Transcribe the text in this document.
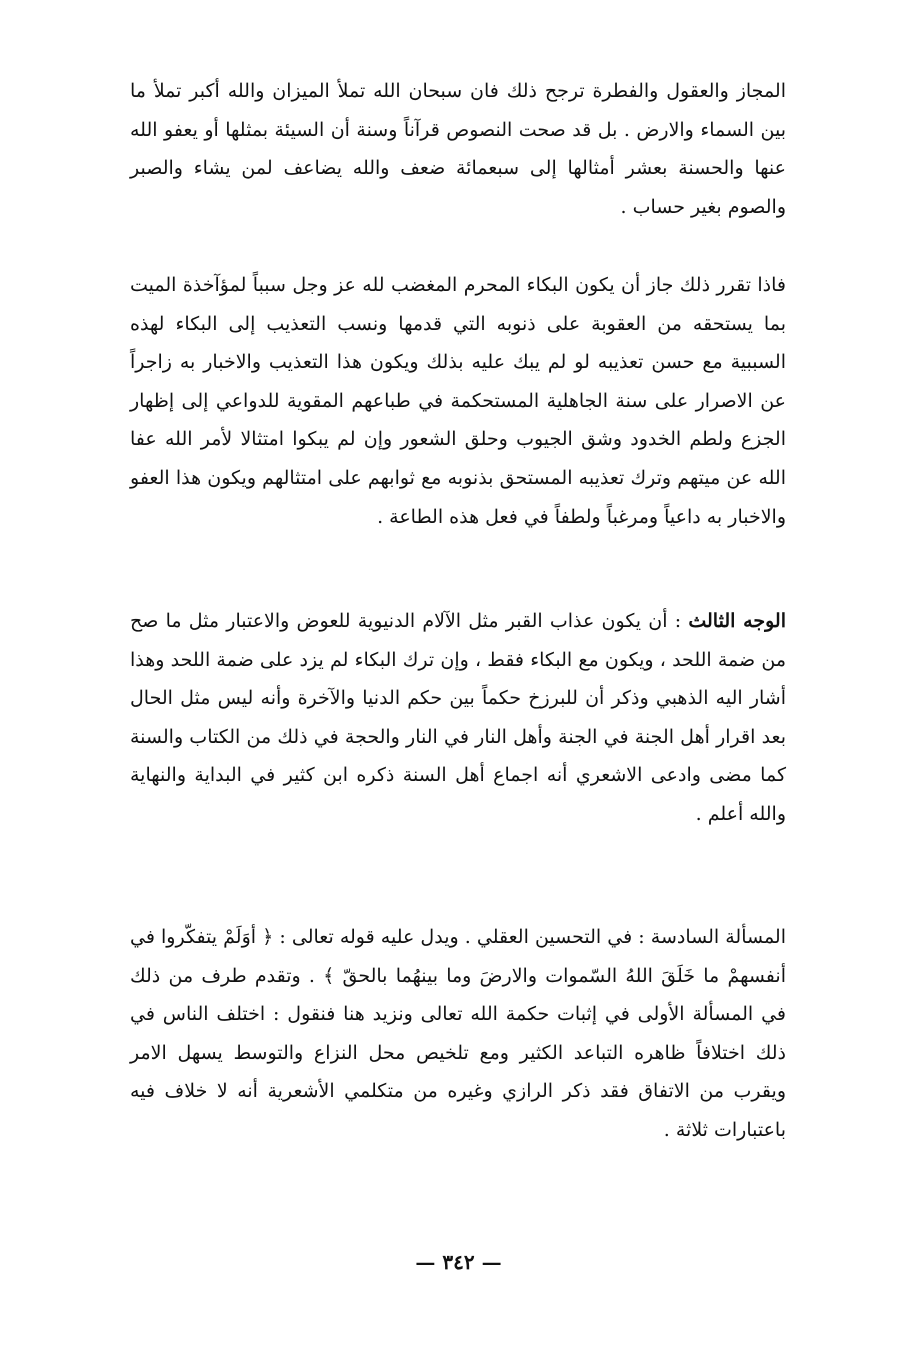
المجاز والعقول والفطرة ترجح ذلك فان سبحان الله تملأ الميزان والله أكبر تملأ ما بين السماء والارض . بل قد صحت النصوص قرآناً وسنة أن السيئة بمثلها أو يعفو الله عنها والحسنة بعشر أمثالها إلى سبعمائة ضعف والله يضاعف لمن يشاء والصبر والصوم بغير حساب .

فاذا تقرر ذلك جاز أن يكون البكاء المحرم المغضب لله عز وجل سبباً لمؤآخذة الميت بما يستحقه من العقوبة على ذنوبه التي قدمها ونسب التعذيب إلى البكاء لهذه السببية مع حسن تعذيبه لو لم يبك عليه بذلك ويكون هذا التعذيب والاخبار به زاجراً عن الاصرار على سنة الجاهلية المستحكمة في طباعهم المقوية للدواعي إلى إظهار الجزع ولطم الخدود وشق الجيوب وحلق الشعور وإن لم يبكوا امتثالا لأمر الله عفا الله عن ميتهم وترك تعذيبه المستحق بذنوبه مع ثوابهم على امتثالهم ويكون هذا العفو والاخبار به داعياً ومرغباً ولطفاً في فعل هذه الطاعة .

الوجه الثالث : أن يكون عذاب القبر مثل الآلام الدنيوية للعوض والاعتبار مثل ما صح من ضمة اللحد ، ويكون مع البكاء فقط ، وإن ترك البكاء لم يزد على ضمة اللحد وهذا أشار اليه الذهبي وذكر أن للبرزخ حكماً بين حكم الدنيا والآخرة وأنه ليس مثل الحال بعد اقرار أهل الجنة في الجنة وأهل النار في النار والحجة في ذلك من الكتاب والسنة كما مضى وادعى الاشعري أنه اجماع أهل السنة ذكره ابن كثير في البداية والنهاية والله أعلم .

المسألة السادسة : في التحسين العقلي . ويدل عليه قوله تعالى : ﴿ أوَلَمْ يتفكّروا في أنفسهمْ ما خَلَقَ اللهُ السّموات والارضَ وما بينهُما بالحقّ ﴾ . وتقدم طرف من ذلك في المسألة الأولى في إثبات حكمة الله تعالى ونزيد هنا فنقول : اختلف الناس في ذلك اختلافاً ظاهره التباعد الكثير ومع تلخيص محل النزاع والتوسط يسهل الامر ويقرب من الاتفاق فقد ذكر الرازي وغيره من متكلمي الأشعرية أنه لا خلاف فيه باعتبارات ثلاثة .

— ٣٤٢ —
